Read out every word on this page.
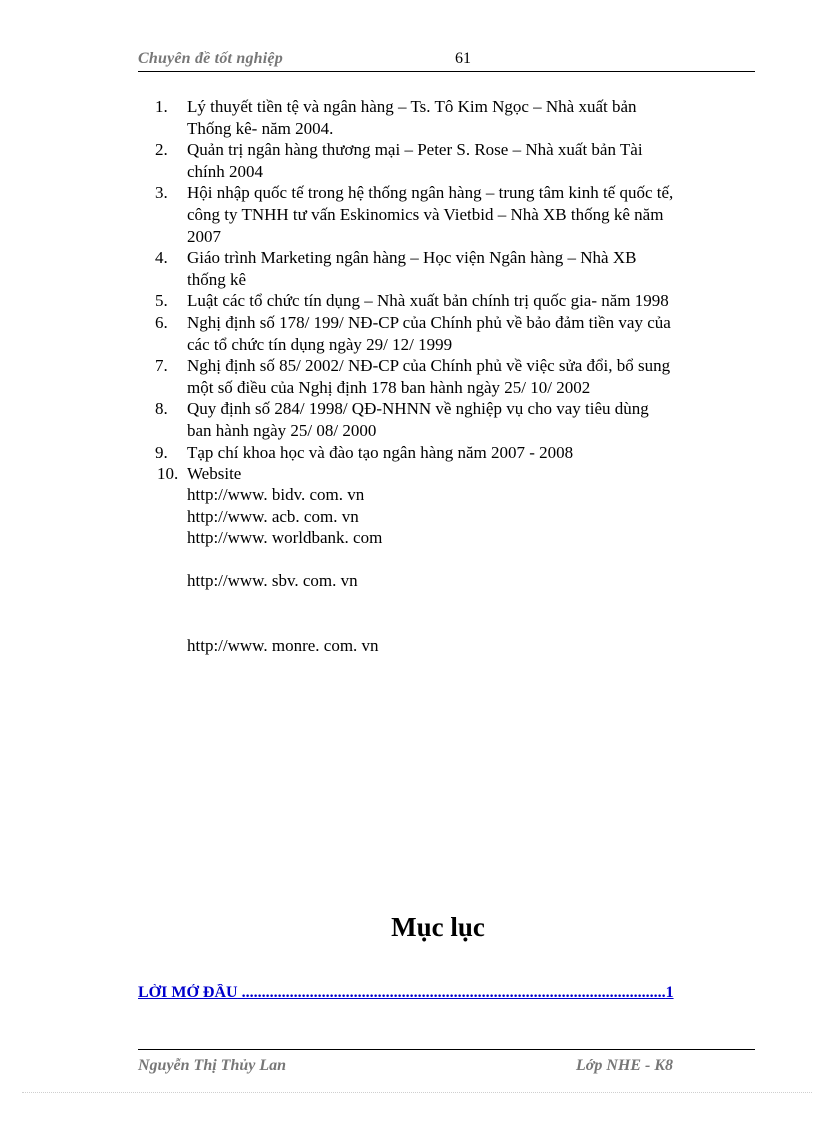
Chuyên đề tốt nghiệp	61
1.	Lý thuyết tiền tệ và ngân hàng – Ts. Tô Kim Ngọc – Nhà xuất bản
Thống kê- năm 2004.
2.	Quản trị ngân hàng thương mại – Peter S. Rose – Nhà xuất bản Tài
chính 2004
3.	Hội nhập quốc tế trong hệ thống ngân hàng – trung tâm kinh tế quốc tế,
công ty TNHH tư vấn Eskinomics và Vietbid – Nhà XB thống kê năm
2007
4.	Giáo trình Marketing ngân hàng – Học viện Ngân hàng – Nhà XB
thống kê
5.	Luật các tổ chức tín dụng – Nhà xuất bản chính trị quốc gia- năm 1998
6.	Nghị định số 178/ 199/ NĐ-CP của Chính phủ về bảo đảm tiền vay của
các tổ chức tín dụng ngày 29/ 12/ 1999
7.	Nghị định số 85/ 2002/ NĐ-CP của Chính phủ về việc sửa đổi, bổ sung
một số điều của Nghị định 178 ban hành ngày 25/ 10/ 2002
8.	Quy định số 284/ 1998/ QĐ-NHNN về nghiệp vụ cho vay tiêu dùng
ban hành ngày 25/ 08/ 2000
9.	Tạp chí khoa học và đào tạo ngân hàng năm 2007 - 2008
10. Website
http://www. bidv. com. vn
http://www. acb. com. vn
http://www. worldbank. com
http://www. sbv. com. vn
http://www. monre. com. vn
Mục lục
LỜI MỞ ĐẦU ..........................................................................................................1
Nguyễn Thị Thủy Lan	Lớp NHE - K8
